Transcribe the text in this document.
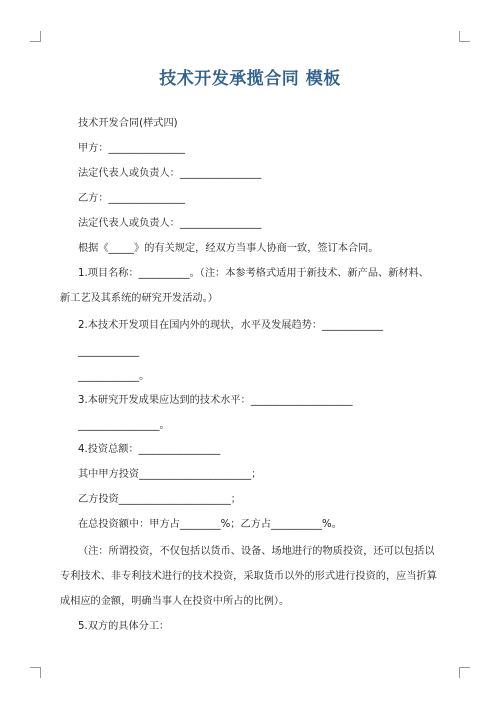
技术开发承揽合同 模板
技术开发合同(样式四)
甲方：_______________
法定代表人或负责人：________________
乙方：_______________
法定代表人或负责人：________________
根据《_____》的有关规定，经双方当事人协商一致，签订本合同。
1.项目名称：__________。（注：本参考格式适用于新技术、新产品、新材料、
新工艺及其系统的研究开发活动。）
2.本技术开发项目在国内外的现状，水平及发展趋势：____________
____________
____________。
3.本研究开发成果应达到的技术水平：____________________
________________。
4.投资总额：________________
其中甲方投资______________________；
乙方投资______________________；
在总投资额中：甲方占________%；乙方占__________%。
（注：所谓投资，不仅包括以货币、设备、场地进行的物质投资，还可以包括以
专利技术、非专利技术进行的技术投资，采取货币以外的形式进行投资的，应当折算
成相应的金额，明确当事人在投资中所占的比例）。
5.双方的具体分工：
